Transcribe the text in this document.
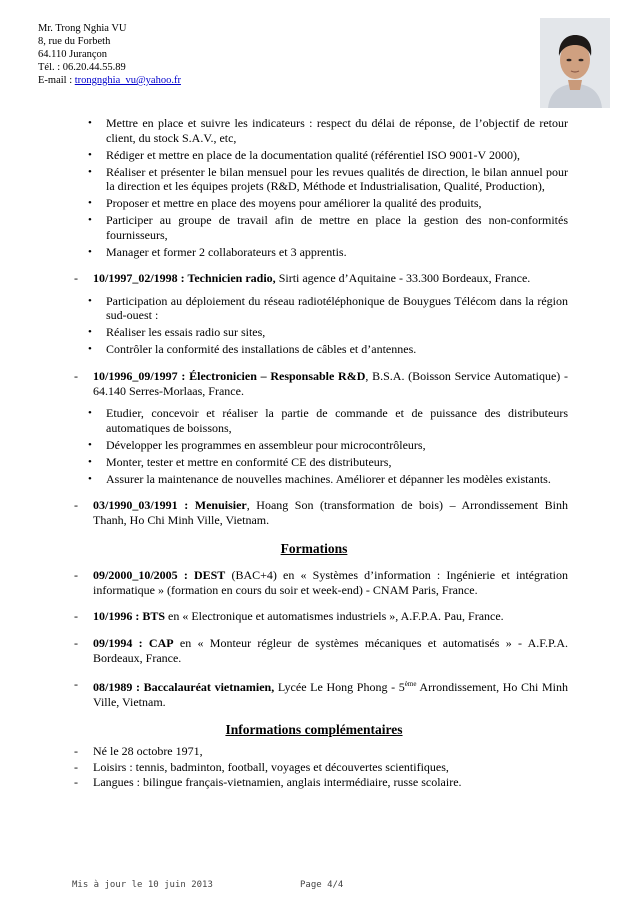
Mr. Trong Nghia VU
8, rue du Forbeth
64.110 Jurançon
Tél. : 06.20.44.55.89
E-mail : trongnghia_vu@yahoo.fr
• Mettre en place et suivre les indicateurs : respect du délai de réponse, de l’objectif de retour client, du stock S.A.V., etc,
• Rédiger et mettre en place de la documentation qualité (référentiel ISO 9001-V 2000),
• Réaliser et présenter le bilan mensuel pour les revues qualités de direction, le bilan annuel pour la direction et les équipes projets (R&D, Méthode et Industrialisation, Qualité, Production),
• Proposer et mettre en place des moyens pour améliorer la qualité des produits,
• Participer au groupe de travail afin de mettre en place la gestion des non-conformités fournisseurs,
• Manager et former 2 collaborateurs et 3 apprentis.
- 10/1997_02/1998 : Technicien radio, Sirti agence d’Aquitaine - 33.300 Bordeaux, France.
• Participation au déploiement du réseau radiotéléphonique de Bouygues Télécom dans la région sud-ouest :
• Réaliser les essais radio sur sites,
• Contrôler la conformité des installations de câbles et d’antennes.
- 10/1996_09/1997 : Électronicien – Responsable R&D, B.S.A. (Boisson Service Automatique) - 64.140 Serres-Morlaas, France.
• Etudier, concevoir et réaliser la partie de commande et de puissance des distributeurs automatiques de boissons,
• Développer les programmes en assembleur pour microcontrôleurs,
• Monter, tester et mettre en conformité CE des distributeurs,
• Assurer la maintenance de nouvelles machines. Améliorer et dépanner les modèles existants.
- 03/1990_03/1991 : Menuisier, Hoang Son (transformation de bois) – Arrondissement Binh Thanh, Ho Chi Minh Ville, Vietnam.
Formations
- 09/2000_10/2005 : DEST (BAC+4) en « Systèmes d’information : Ingénierie et intégration informatique » (formation en cours du soir et week-end) - CNAM Paris, France.
- 10/1996 : BTS en « Electronique et automatismes industriels », A.F.P.A. Pau, France.
- 09/1994 : CAP en « Monteur régleur de systèmes mécaniques et automatisés » - A.F.P.A. Bordeaux, France.
- 08/1989 : Baccalauréat vietnamien, Lycée Le Hong Phong - 5ème Arrondissement, Ho Chi Minh Ville, Vietnam.
Informations complémentaires
- Né le 28 octobre 1971,
- Loisirs : tennis, badminton, football, voyages et découvertes scientifiques,
- Langues : bilingue français-vietnamien, anglais intermédiaire, russe scolaire.
Mis à jour le 10 juin 2013	Page 4/4
